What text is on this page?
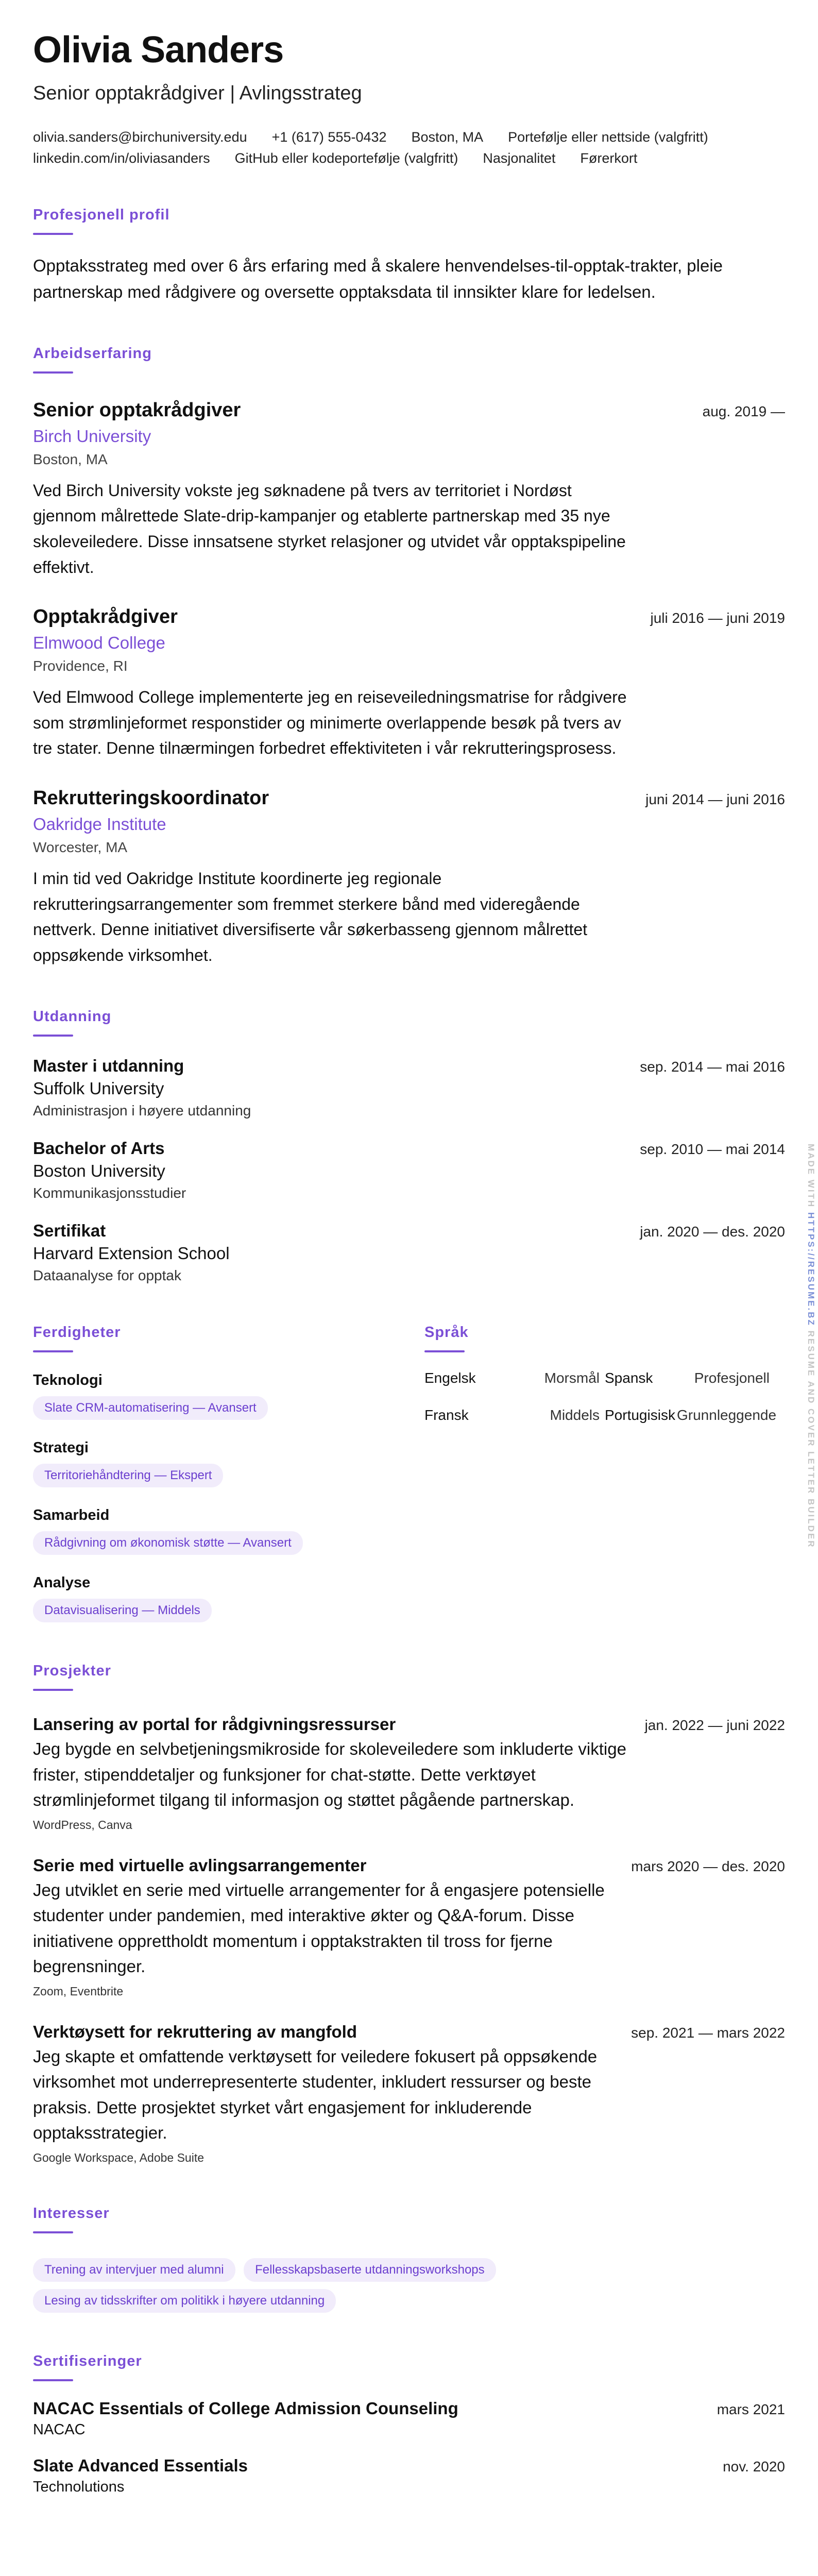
Olivia Sanders
Senior opptakrådgiver | Avlingsstrateg
olivia.sanders@birchuniversity.edu +1 (617) 555-0432 Boston, MA Portefølje eller nettside (valgfritt)
linkedin.com/in/oliviasanders GitHub eller kodeportefølje (valgfritt) Nasjonalitet Førerkort
Profesjonell profil

Opptaksstrateg med over 6 års erfaring med å skalere henvendelses-til-opptak-trakter, pleie partnerskap med rådgivere og oversette opptaksdata til innsikter klare for ledelsen.

Arbeidserfaring
Senior opptakrådgiver	aug. 2019 —
Birch University
Boston, MA

Ved Birch University vokste jeg søknadene på tvers av territoriet i Nordøst gjennom målrettede Slate-drip-kampanjer og etablerte partnerskap med 35 nye skoleveiledere. Disse innsatsene styrket relasjoner og utvidet vår opptakspipeline effektivt.

Opptakrådgiver	juli 2016 — juni 2019
Elmwood College
Providence, RI

Ved Elmwood College implementerte jeg en reiseveiledningsmatrise for rådgivere som strømlinjeformet responstider og minimerte overlappende besøk på tvers av tre stater. Denne tilnærmingen forbedret effektiviteten i vår rekrutteringsprosess.

Rekrutteringskoordinator	juni 2014 — juni 2016
Oakridge Institute
Worcester, MA

I min tid ved Oakridge Institute koordinerte jeg regionale rekrutteringsarrangementer som fremmet sterkere bånd med videregående nettverk. Denne initiativet diversifiserte vår søkerbasseng gjennom målrettet oppsøkende virksomhet.

Utdanning
Master i utdanning	sep. 2014 — mai 2016
Suffolk University
Administrasjon i høyere utdanning
Bachelor of Arts	sep. 2010 — mai 2014
Boston University
Kommunikasjonsstudier
Sertifikat	jan. 2020 — des. 2020
Harvard Extension School
Dataanalyse for opptak
Ferdigheter
Teknologi
Slate CRM-automatisering — Avansert
Strategi
Territoriehåndtering — Ekspert
Samarbeid
Rådgivning om økonomisk støtte — Avansert
Analyse
Datavisualisering — Middels
Språk
Engelsk	Morsmål Spansk	Profesjonell
Fransk	Middels Portugisisk Grunnleggende
Prosjekter
Lansering av portal for rådgivningsressurser	jan. 2022 — juni 2022

Jeg bygde en selvbetjeningsmikroside for skoleveiledere som inkluderte viktige frister, stipenddetaljer og funksjoner for chat-støtte. Dette verktøyet strømlinjeformet tilgang til informasjon og støttet pågående partnerskap.

WordPress, Canva
Serie med virtuelle avlingsarrangementer	mars 2020 — des. 2020

Jeg utviklet en serie med virtuelle arrangementer for å engasjere potensielle studenter under pandemien, med interaktive økter og Q&A-forum. Disse initiativene opprettholdt momentum i opptakstrakten til tross for fjerne begrensninger.

Zoom, Eventbrite
Verktøysett for rekruttering av mangfold	sep. 2021 — mars 2022

Jeg skapte et omfattende verktøysett for veiledere fokusert på oppsøkende virksomhet mot underrepresenterte studenter, inkludert ressurser og beste praksis. Dette prosjektet styrket vårt engasjement for inkluderende opptaksstrategier.

Google Workspace, Adobe Suite
Interesser
Trening av intervjuer med alumni	Fellesskapsbaserte utdanningsworkshops Lesing av tidsskrifter om politikk i høyere utdanning
Sertifiseringer
NACAC Essentials of College Admission Counseling	mars 2021
NACAC
Slate Advanced Essentials	nov. 2020
Technolutions
MADE WITH HTTPS://RESUME.BZ RESUME AND COVER LETTER BUILDER
